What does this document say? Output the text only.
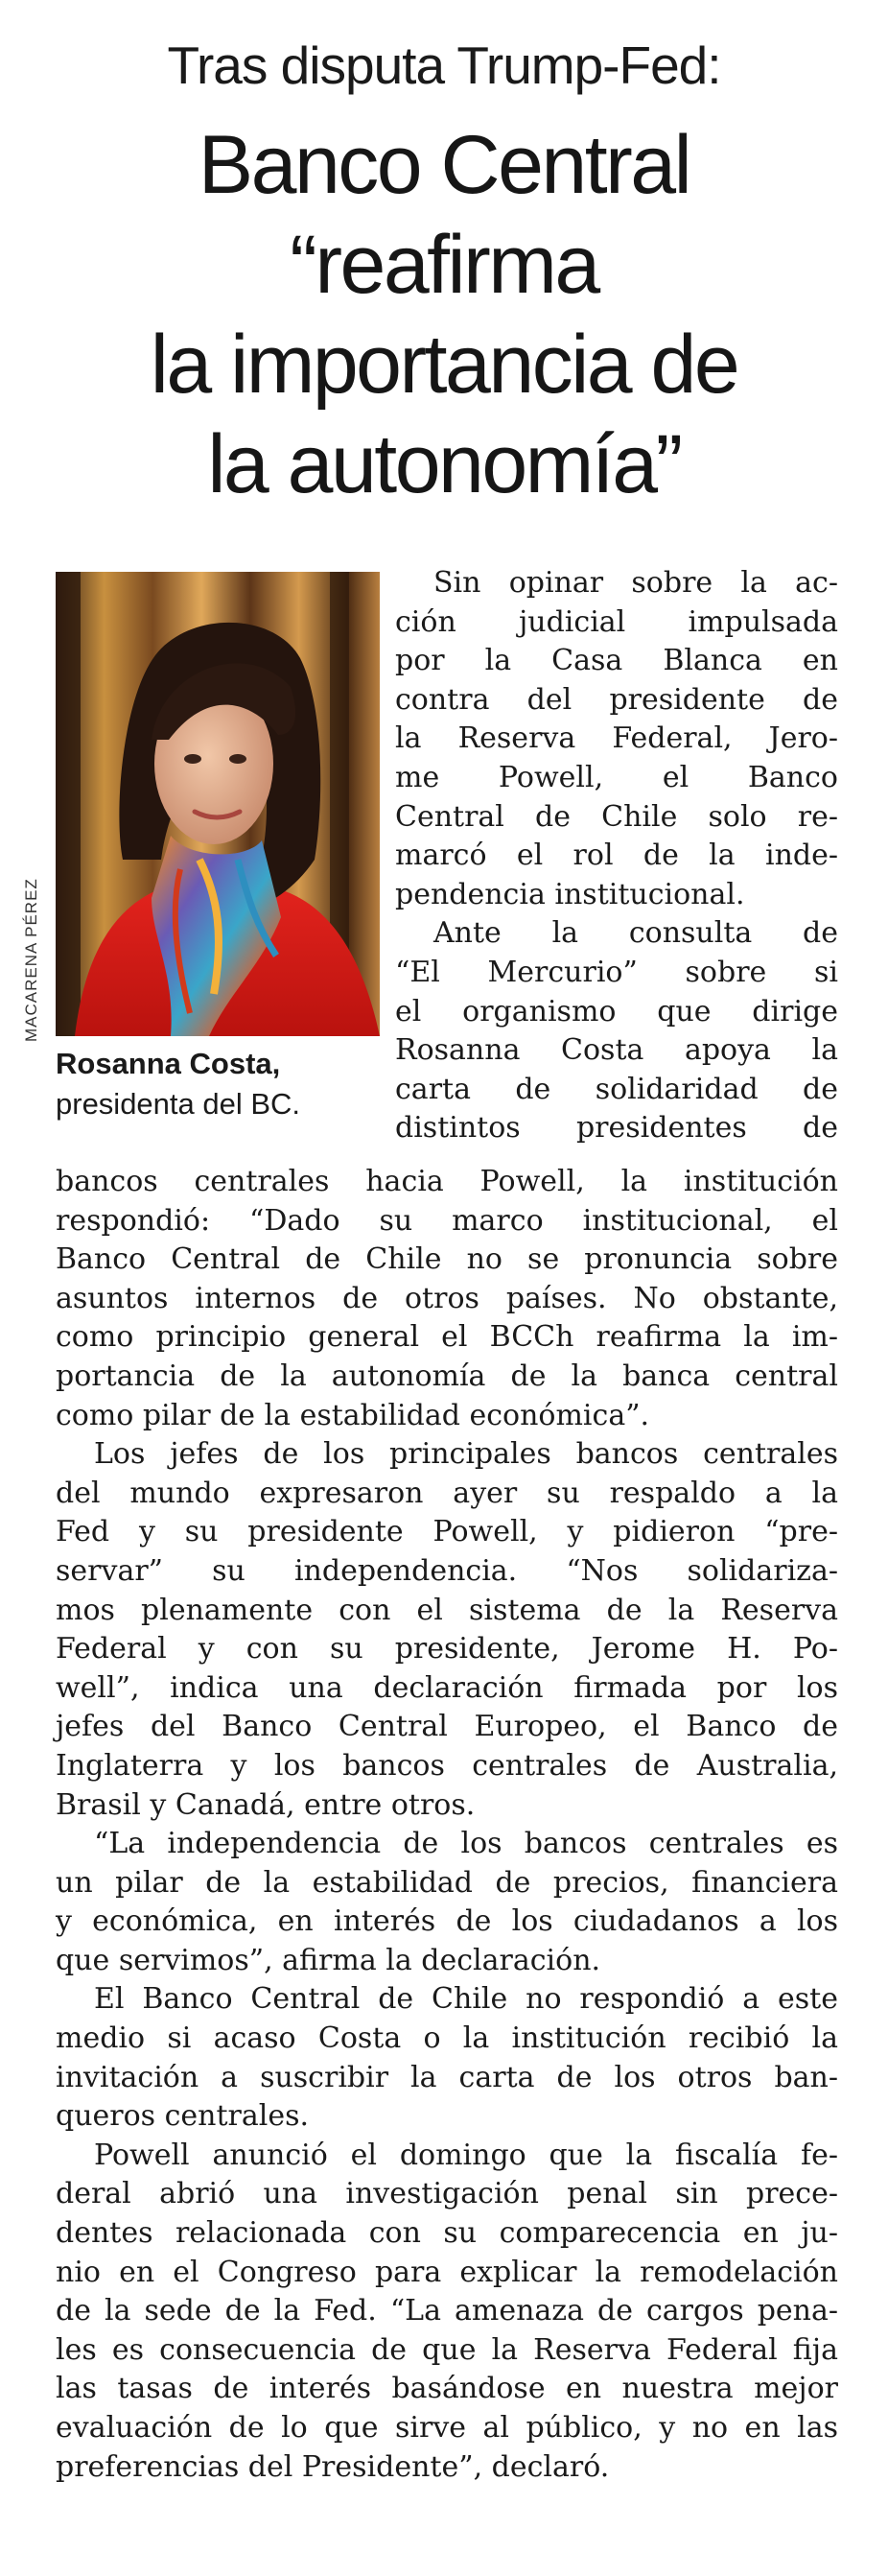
Tras disputa Trump-Fed:
Banco Central
“reafirma
la importancia de
la autonomía”
MACARENA PÉREZ
Rosanna Costa, presidenta del BC.
Sin opinar sobre la ac-
ción judicial impulsada
por la Casa Blanca en
contra del presidente de
la Reserva Federal, Jero-
me Powell, el Banco
Central de Chile solo re-
marcó el rol de la inde-
pendencia institucional.
Ante la consulta de
“El Mercurio” sobre si
el organismo que dirige
Rosanna Costa apoya la
carta de solidaridad de
distintos presidentes de
bancos centrales hacia Powell, la institución
respondió: “Dado su marco institucional, el
Banco Central de Chile no se pronuncia sobre
asuntos internos de otros países. No obstante,
como principio general el BCCh reafirma la im-
portancia de la autonomía de la banca central
como pilar de la estabilidad económica”.
Los jefes de los principales bancos centrales
del mundo expresaron ayer su respaldo a la
Fed y su presidente Powell, y pidieron “pre-
servar” su independencia. “Nos solidariza-
mos plenamente con el sistema de la Reserva
Federal y con su presidente, Jerome H. Po-
well”, indica una declaración firmada por los
jefes del Banco Central Europeo, el Banco de
Inglaterra y los bancos centrales de Australia,
Brasil y Canadá, entre otros.
“La independencia de los bancos centrales es
un pilar de la estabilidad de precios, financiera
y económica, en interés de los ciudadanos a los
que servimos”, afirma la declaración.
El Banco Central de Chile no respondió a este
medio si acaso Costa o la institución recibió la
invitación a suscribir la carta de los otros ban-
queros centrales.
Powell anunció el domingo que la fiscalía fe-
deral abrió una investigación penal sin prece-
dentes relacionada con su comparecencia en ju-
nio en el Congreso para explicar la remodelación
de la sede de la Fed. “La amenaza de cargos pena-
les es consecuencia de que la Reserva Federal fija
las tasas de interés basándose en nuestra mejor
evaluación de lo que sirve al público, y no en las
preferencias del Presidente”, declaró.
